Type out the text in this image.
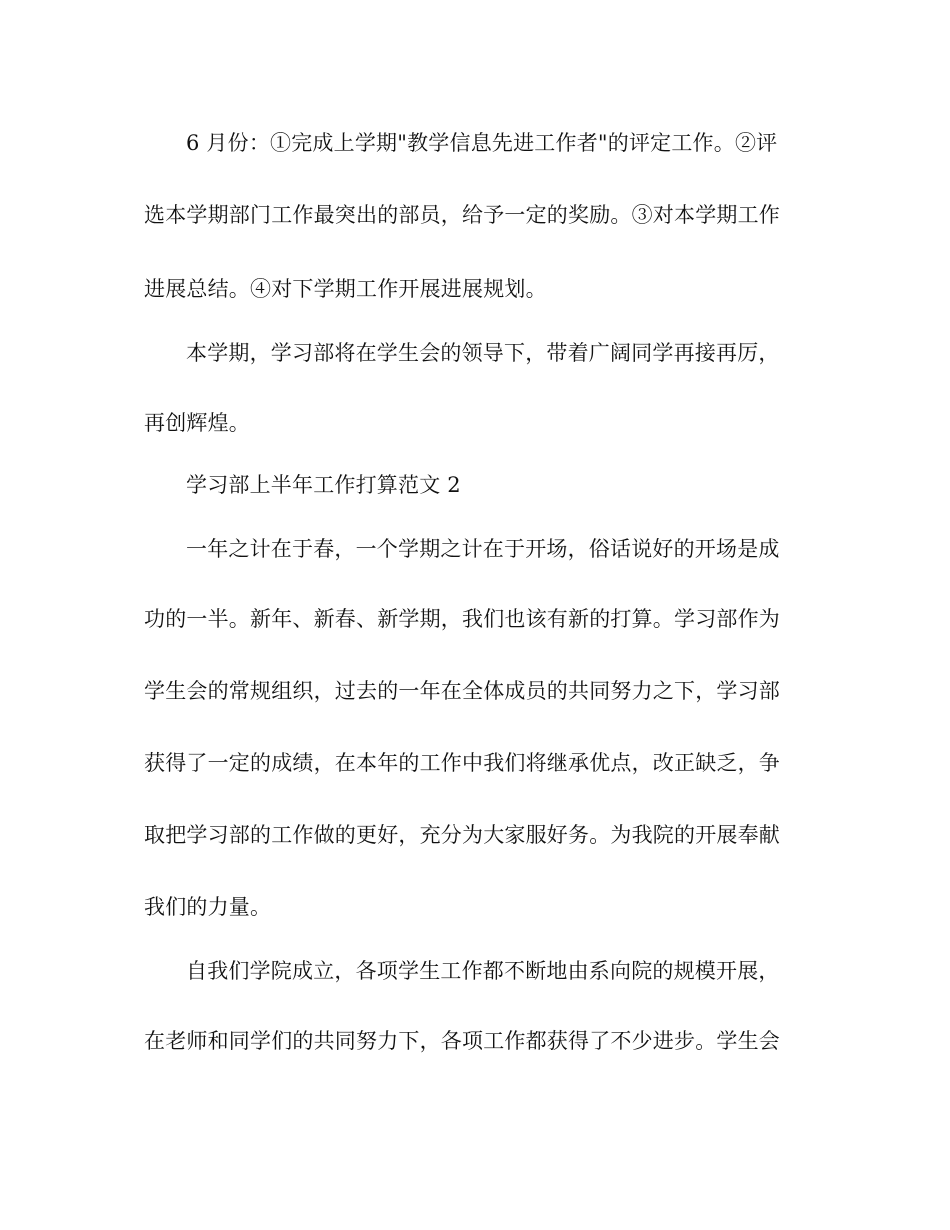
6 月份：①完成上学期"教学信息先进工作者"的评定工作。②评
选本学期部门工作最突出的部员，给予一定的奖励。③对本学期工作
进展总结。④对下学期工作开展进展规划。
本学期，学习部将在学生会的领导下，带着广阔同学再接再厉，
再创辉煌。
学习部上半年工作打算范文 2
一年之计在于春，一个学期之计在于开场，俗话说好的开场是成
功的一半。新年、新春、新学期，我们也该有新的打算。学习部作为
学生会的常规组织，过去的一年在全体成员的共同努力之下，学习部
获得了一定的成绩，在本年的工作中我们将继承优点，改正缺乏，争
取把学习部的工作做的更好，充分为大家服好务。为我院的开展奉献
我们的力量。
自我们学院成立，各项学生工作都不断地由系向院的规模开展，
在老师和同学们的共同努力下，各项工作都获得了不少进步。学生会
